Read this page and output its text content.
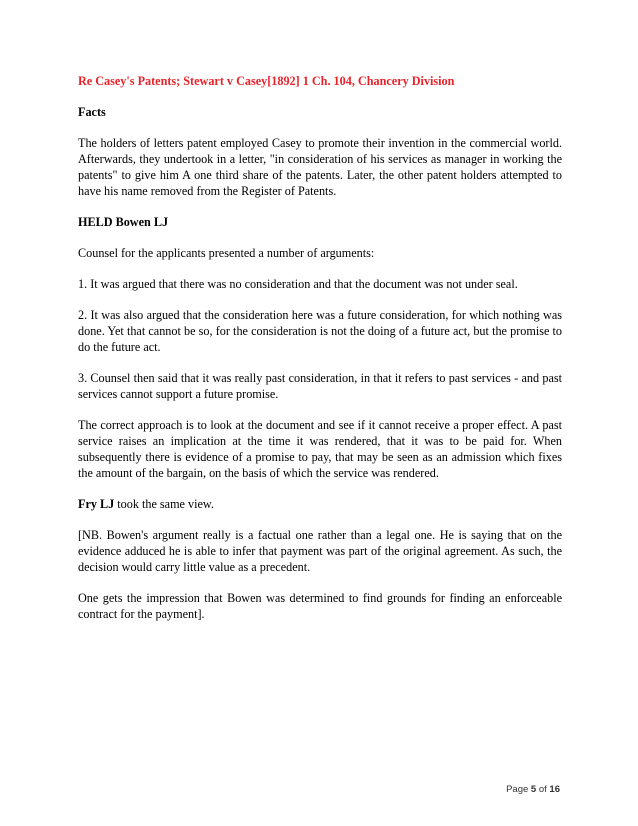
Re Casey's Patents; Stewart v Casey[1892] 1 Ch. 104, Chancery Division

Facts

The holders of letters patent employed Casey to promote their invention in the commercial world. Afterwards, they undertook in a letter, "in consideration of his services as manager in working the patents" to give him A one third share of the patents. Later, the other patent holders attempted to have his name removed from the Register of Patents.

HELD Bowen LJ

Counsel for the applicants presented a number of arguments:

1. It was argued that there was no consideration and that the document was not under seal.

2. It was also argued that the consideration here was a future consideration, for which nothing was done. Yet that cannot be so, for the consideration is not the doing of a future act, but the promise to do the future act.

3. Counsel then said that it was really past consideration, in that it refers to past services - and past services cannot support a future promise.

The correct approach is to look at the document and see if it cannot receive a proper effect. A past service raises an implication at the time it was rendered, that it was to be paid for. When subsequently there is evidence of a promise to pay, that may be seen as an admission which fixes the amount of the bargain, on the basis of which the service was rendered.

Fry LJ took the same view.

[NB. Bowen's argument really is a factual one rather than a legal one. He is saying that on the evidence adduced he is able to infer that payment was part of the original agreement. As such, the decision would carry little value as a precedent.

One gets the impression that Bowen was determined to find grounds for finding an enforceable contract for the payment].

Page 5 of 16
